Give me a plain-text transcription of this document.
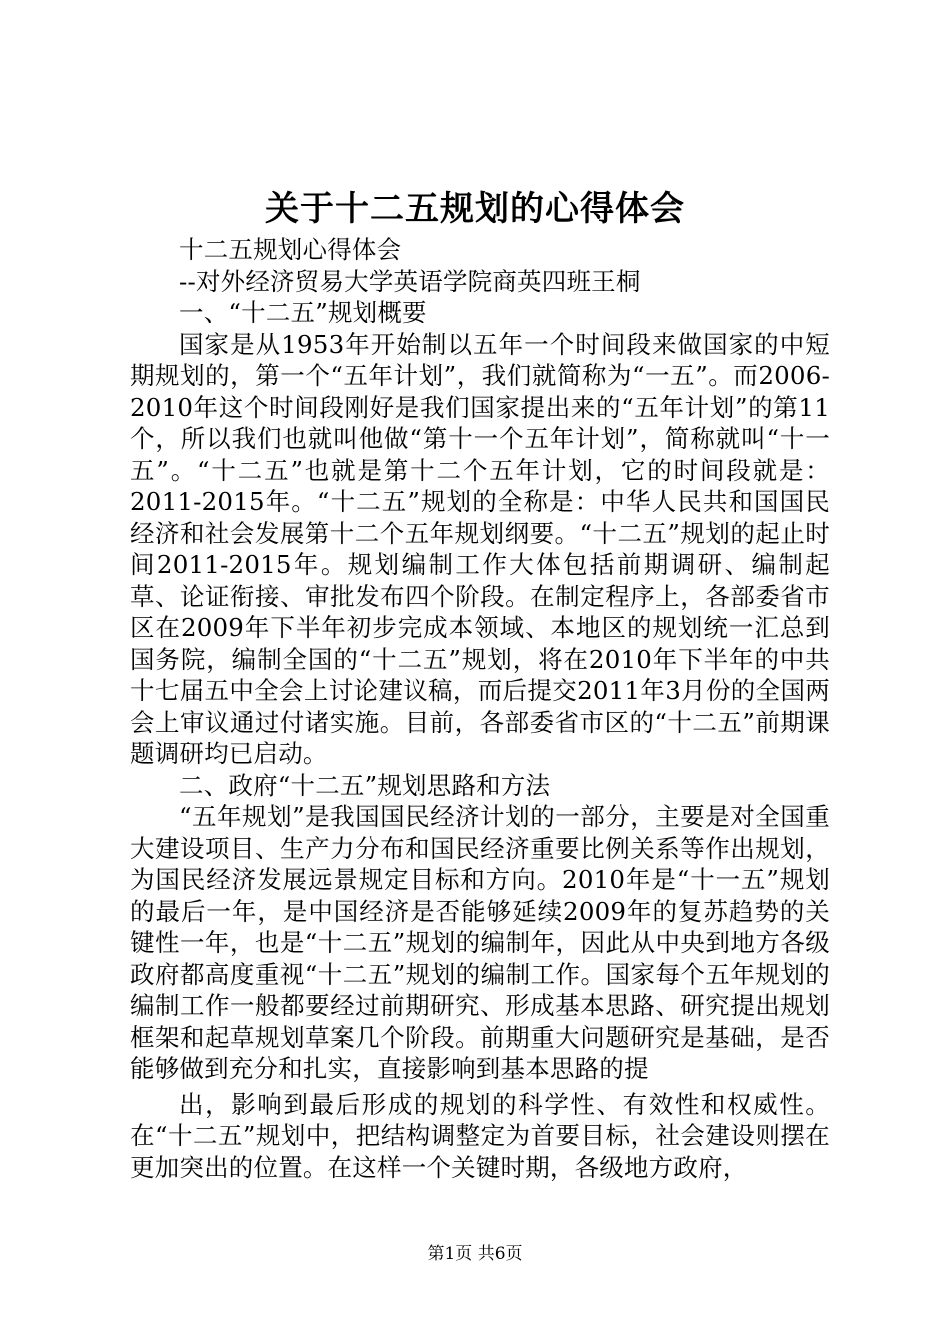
关于十二五规划的心得体会

十二五规划心得体会

--对外经济贸易大学英语学院商英四班王桐

一、“十二五”规划概要

国家是从1953年开始制以五年一个时间段来做国家的中短期规划的，第一个“五年计划”，我们就简称为“一五”。而2006-2010年这个时间段刚好是我们国家提出来的“五年计划”的第11个，所以我们也就叫他做“第十一个五年计划”，简称就叫“十一五”。“十二五”也就是第十二个五年计划，它的时间段就是：2011-2015年。“十二五”规划的全称是：中华人民共和国国民经济和社会发展第十二个五年规划纲要。“十二五”规划的起止时间2011-2015年。规划编制工作大体包括前期调研、编制起草、论证衔接、审批发布四个阶段。在制定程序上，各部委省市区在2009年下半年初步完成本领域、本地区的规划统一汇总到国务院，编制全国的“十二五”规划，将在2010年下半年的中共十七届五中全会上讨论建议稿，而后提交2011年3月份的全国两会上审议通过付诸实施。目前，各部委省市区的“十二五”前期课题调研均已启动。

二、政府“十二五”规划思路和方法

“五年规划”是我国国民经济计划的一部分，主要是对全国重大建设项目、生产力分布和国民经济重要比例关系等作出规划，为国民经济发展远景规定目标和方向。2010年是“十一五”规划的最后一年，是中国经济是否能够延续2009年的复苏趋势的关键性一年，也是“十二五”规划的编制年，因此从中央到地方各级政府都高度重视“十二五”规划的编制工作。国家每个五年规划的编制工作一般都要经过前期研究、形成基本思路、研究提出规划框架和起草规划草案几个阶段。前期重大问题研究是基础，是否能够做到充分和扎实，直接影响到基本思路的提

出，影响到最后形成的规划的科学性、有效性和权威性。在“十二五”规划中，把结构调整定为首要目标，社会建设则摆在更加突出的位置。在这样一个关键时期，各级地方政府，

第1页 共6页
